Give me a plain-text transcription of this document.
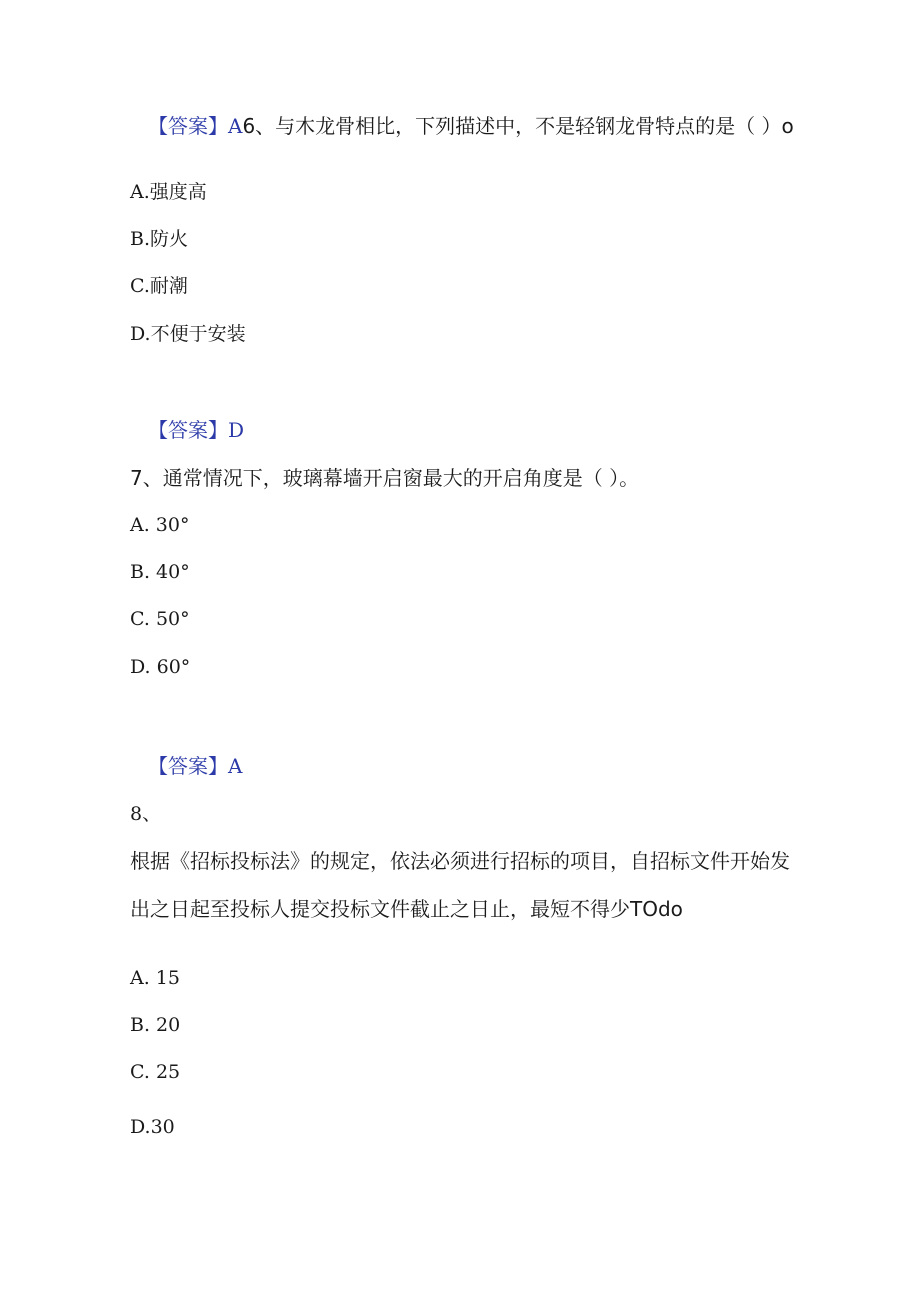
【答案】A6、与木龙骨相比，下列描述中，不是轻钢龙骨特点的是（ ）o
A.强度高
B.防火
C.耐潮
D.不便于安装
【答案】D
7、通常情况下，玻璃幕墙开启窗最大的开启角度是（ ）。
A. 30°
B. 40°
C. 50°
D. 60°
【答案】A
8、
根据《招标投标法》的规定，依法必须进行招标的项目，自招标文件开始发
出之日起至投标人提交投标文件截止之日止，最短不得少TOdo
A. 15
B. 20
C. 25
D.30
